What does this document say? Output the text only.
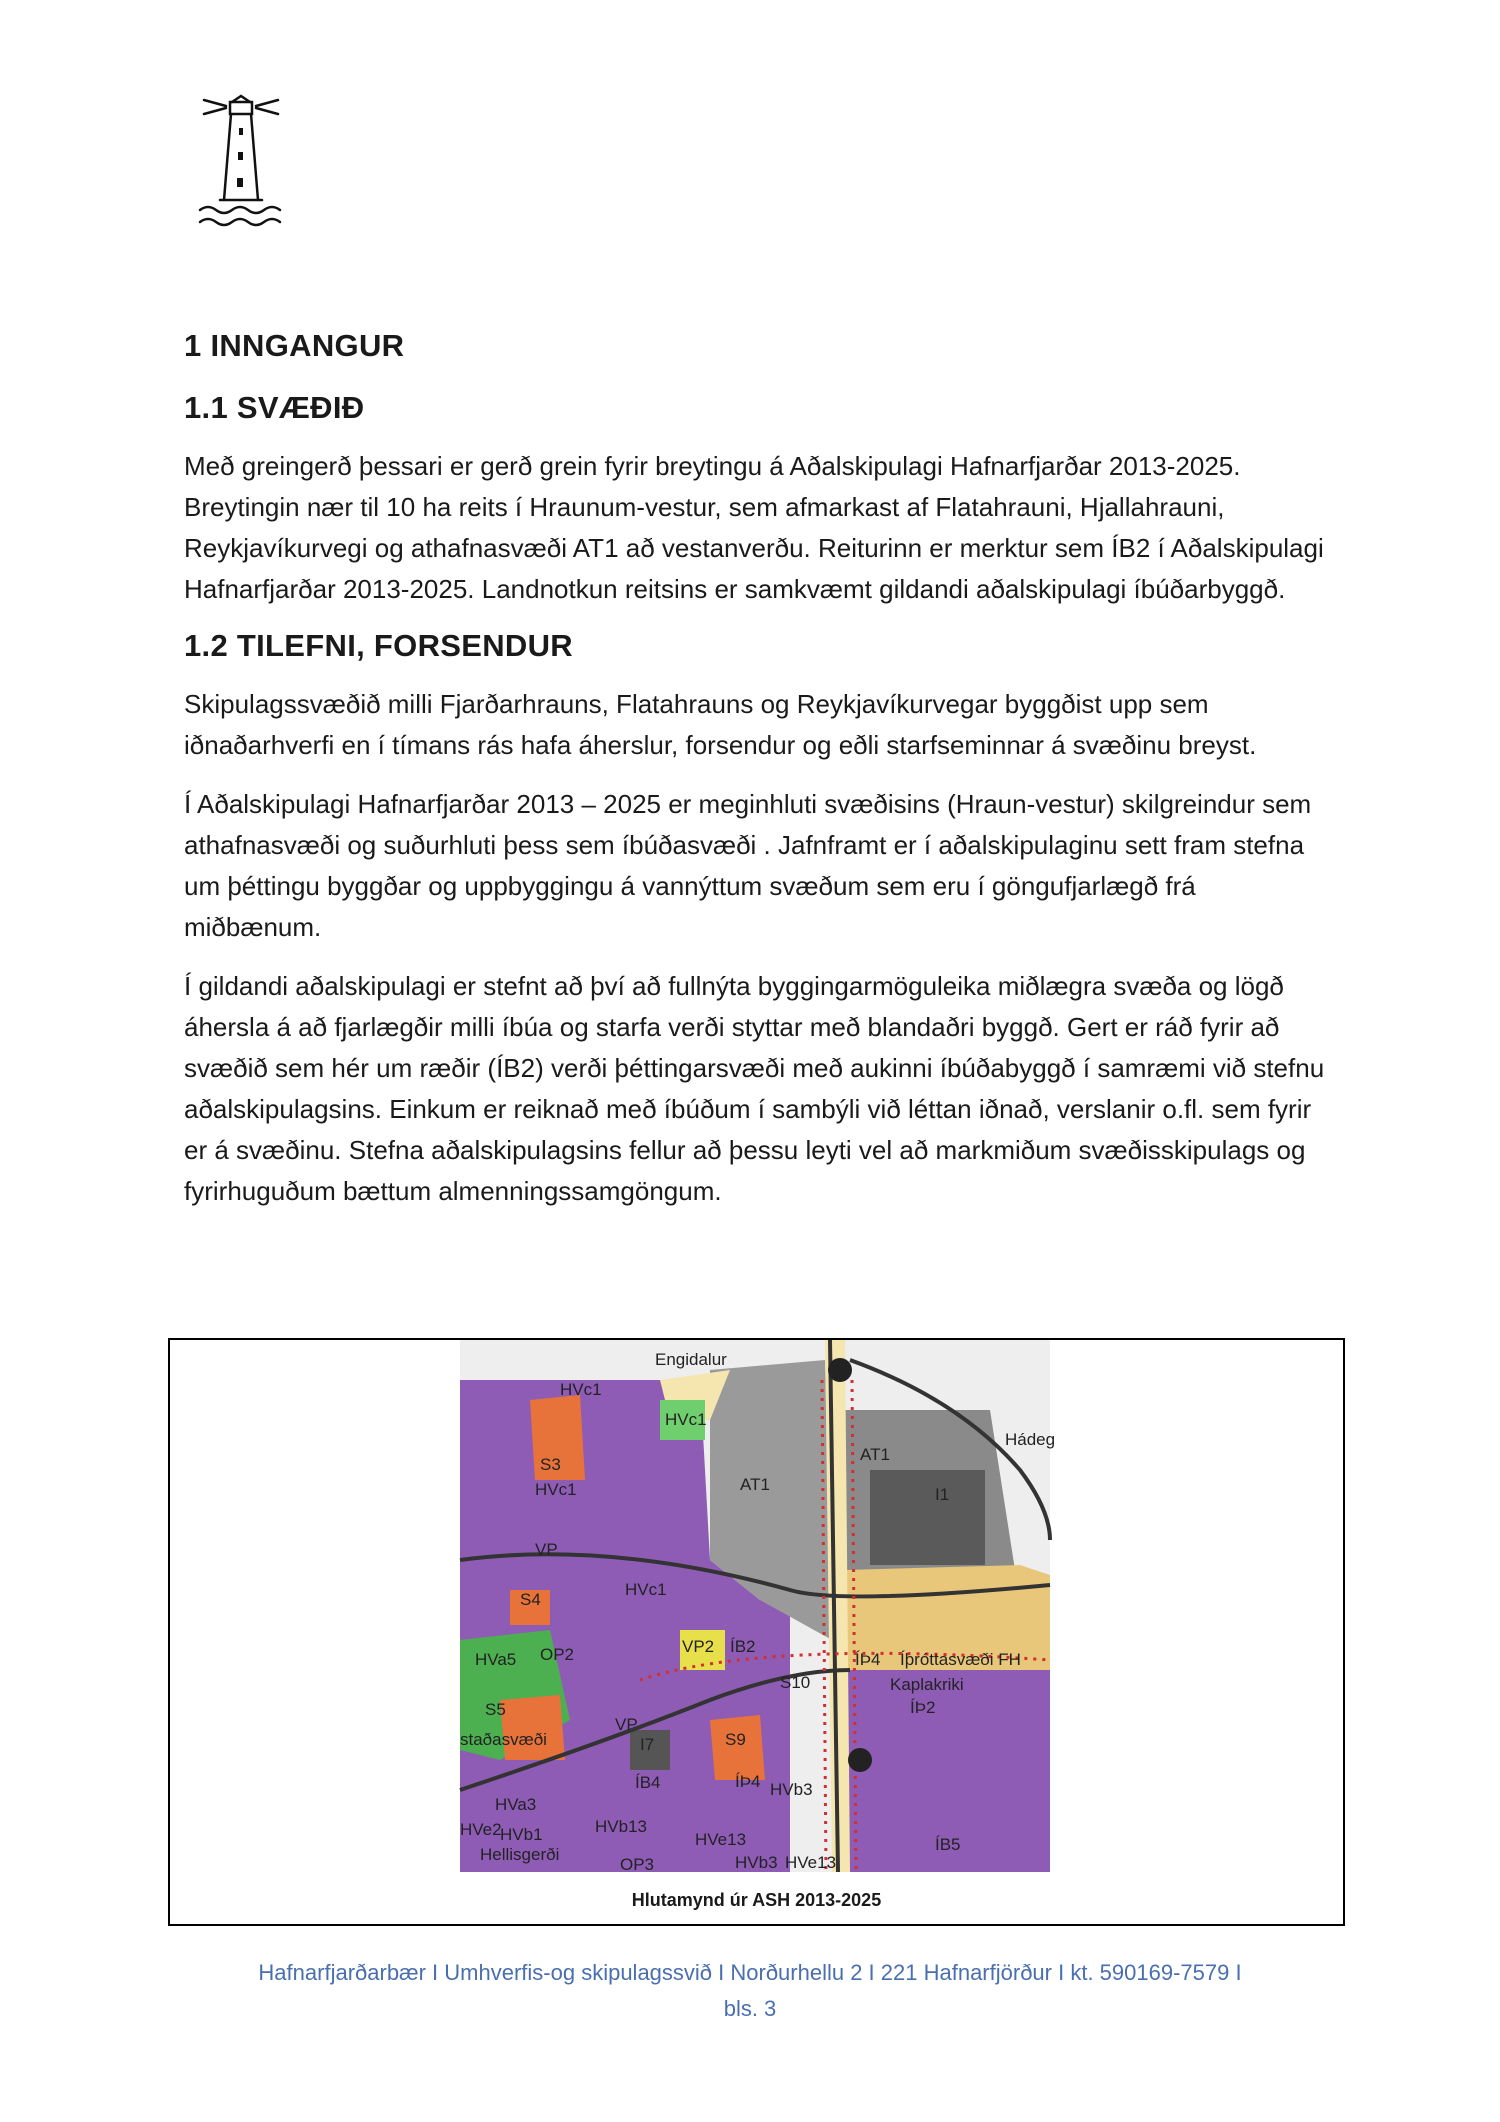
1 INNGANGUR
1.1 SVÆÐIÐ

Með greingerð þessari er gerð grein fyrir breytingu á Aðalskipulagi Hafnarfjarðar 2013-2025. Breytingin nær til 10 ha reits í Hraunum-vestur, sem afmarkast af Flatahrauni, Hjallahrauni, Reykjavíkurvegi og athafnasvæði AT1 að vestanverðu. Reiturinn er merktur sem ÍB2 í Aðalskipulagi Hafnarfjarðar 2013-2025. Landnotkun reitsins er samkvæmt gildandi aðalskipulagi íbúðarbyggð.

1.2 TILEFNI, FORSENDUR

Skipulagssvæðið milli Fjarðarhrauns, Flatahrauns og Reykjavíkurvegar byggðist upp sem iðnaðarhverfi en í tímans rás hafa áherslur, forsendur og eðli starfseminnar á svæðinu breyst.

Í Aðalskipulagi Hafnarfjarðar 2013 – 2025 er meginhluti svæðisins (Hraun-vestur) skilgreindur sem athafnasvæði og suðurhluti þess sem íbúðasvæði . Jafnframt er í aðalskipulaginu sett fram stefna um þéttingu byggðar og uppbyggingu á vannýttum svæðum sem eru í göngufjarlægð frá miðbænum.

Í gildandi aðalskipulagi er stefnt að því að fullnýta byggingarmöguleika miðlægra svæða og lögð áhersla á að fjarlægðir milli íbúa og starfa verði styttar með blandaðri byggð. Gert er ráð fyrir að svæðið sem hér um ræðir (ÍB2) verði þéttingarsvæði með aukinni íbúðabyggð í samræmi við stefnu aðalskipulagsins. Einkum er reiknað með íbúðum í sambýli við léttan iðnað, verslanir o.fl. sem fyrir er á svæðinu. Stefna aðalskipulagsins fellur að þessu leyti vel að markmiðum svæðisskipulags og fyrirhuguðum bættum almenningssamgöngum.

Engidalur
HVc1
HVc1
S3
HVc1	AT1
AT1
I1
Hádeg
VP
S4
HVc1
VP2 ÍB2
HVa5 OP2
S10
ÍÞ4 Íþróttasvæði FH
Kaplakriki
ÍÞ2
S5
staðasvæði
VP
I7	S9
ÍB4	ÍÞ4 HVb3
HVa3
HVe2
HVb1	HVb13
Hellisgerði
HVe13
HVb3 HVe13
OP3
ÍB5
Hlutamynd úr ASH 2013-2025
Hafnarfjarðarbær I Umhverfis-og skipulagssvið I Norðurhellu 2 I 221 Hafnarfjörður I kt. 590169-7579 I
bls. 3
